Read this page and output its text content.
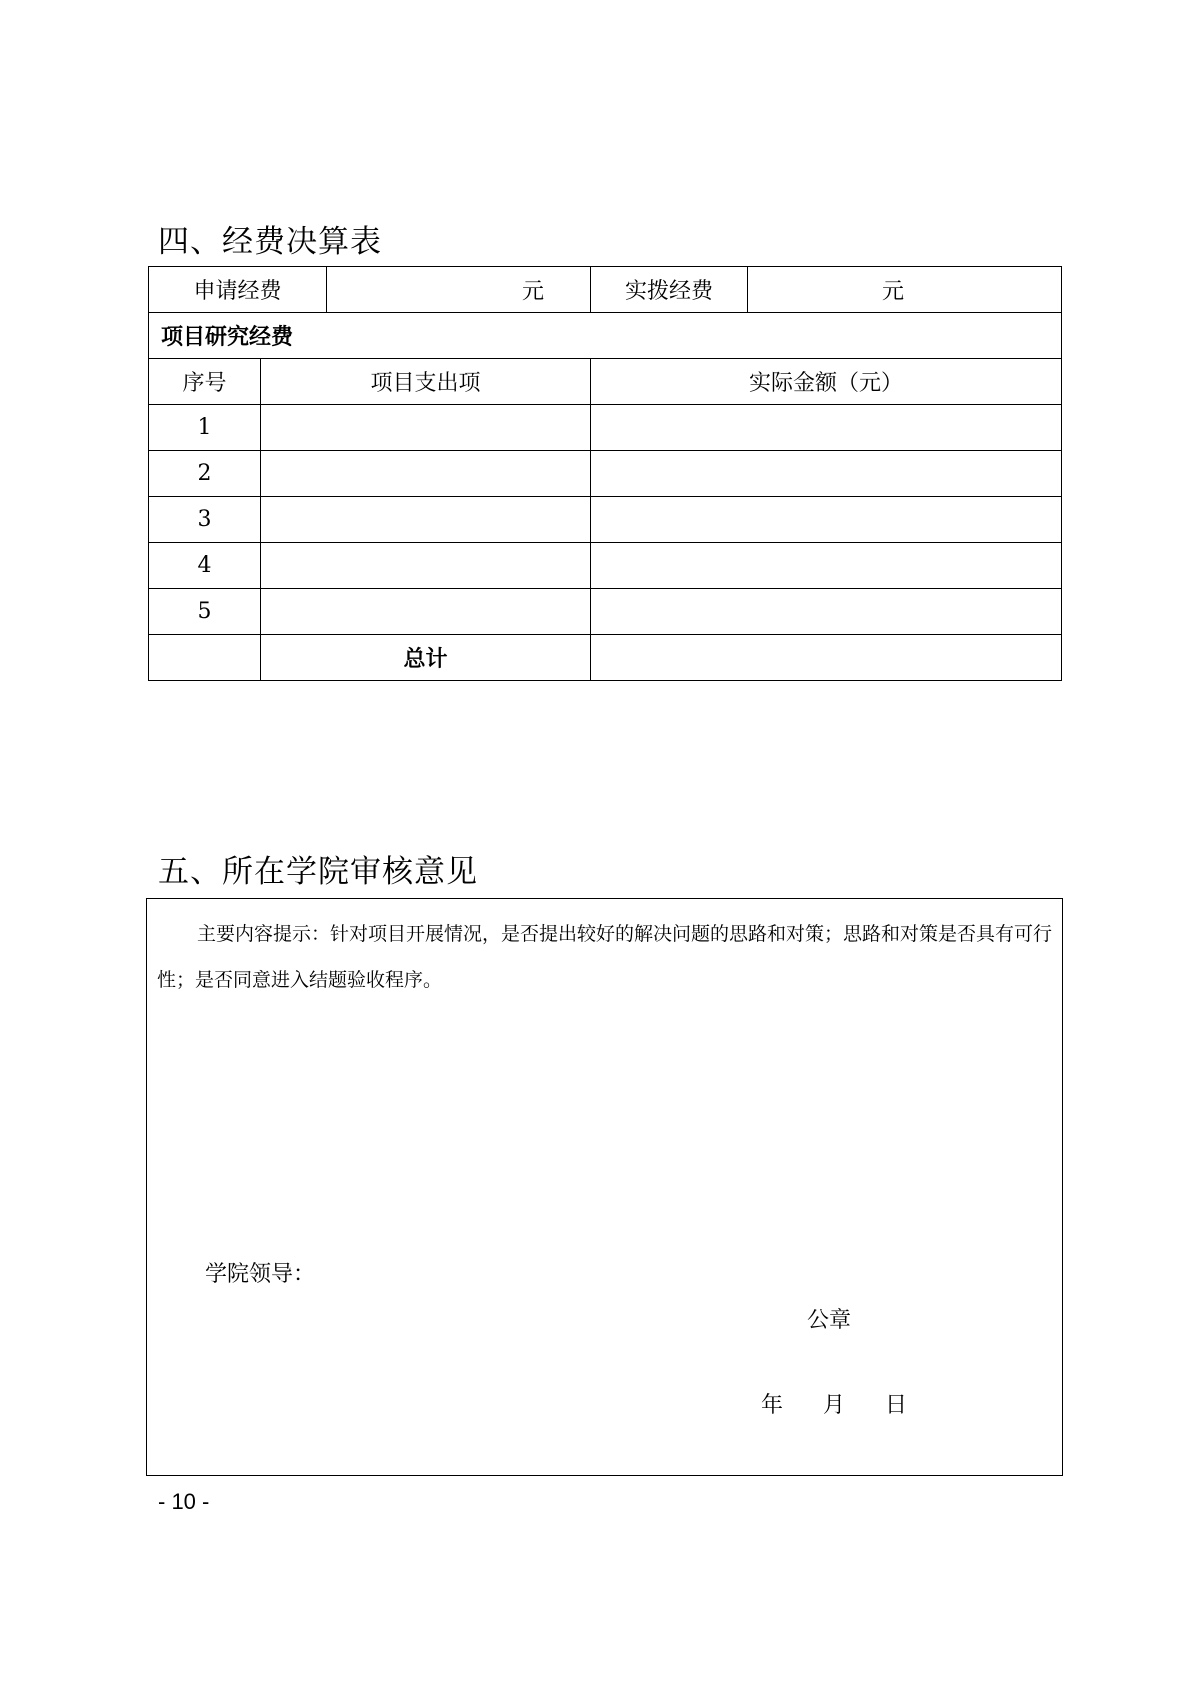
四、经费决算表
申请经费		元	实拨经费	元

项目研究经费				
序号	项目支出项		实际金额（元）	
1				
2				
3				
4				
5				
	总计			
五、所在学院审核意见

主要内容提示：针对项目开展情况，是否提出较好的解决问题的思路和对策；思路和对策是否具有可行性；是否同意进入结题验收程序。

学院领导：
公章
年	月	日
- 10 -
